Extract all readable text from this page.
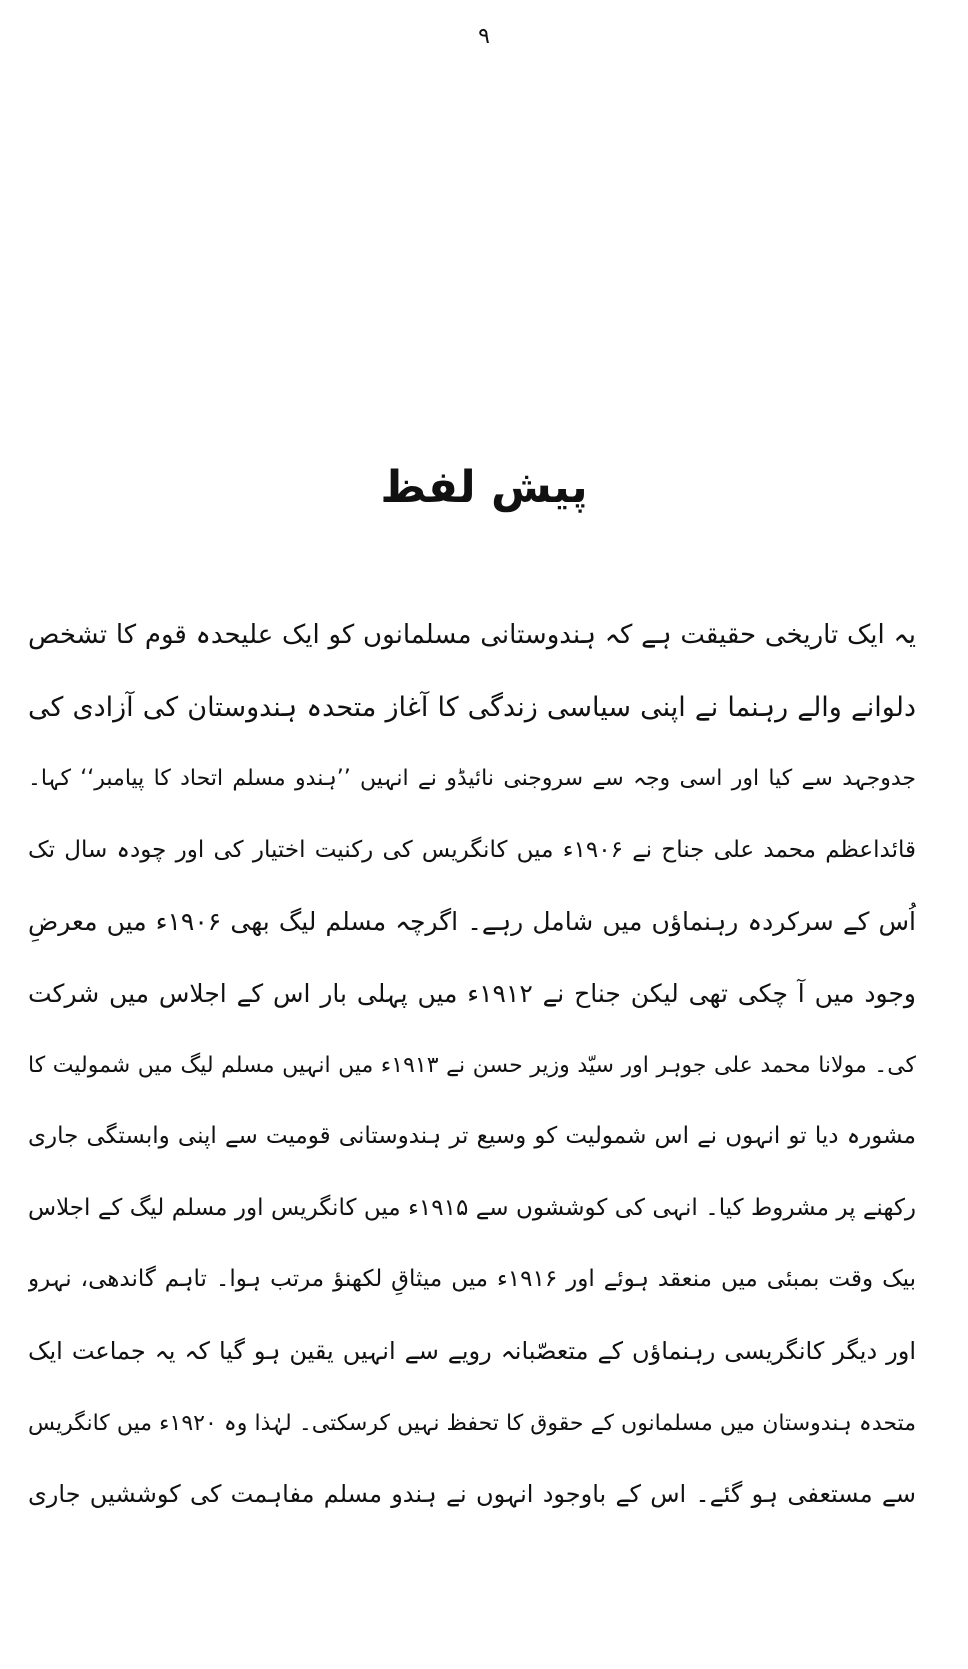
۹
پیش لفظ
یہ ایک تاریخی حقیقت ہے کہ ہندوستانی مسلمانوں کو ایک علیحدہ قوم کا تشخص
دلوانے والے رہنما نے اپنی سیاسی زندگی کا آغاز متحدہ ہندوستان کی آزادی کی
جدوجہد سے کیا اور اسی وجہ سے سروجنی نائیڈو نے انہیں ’’ہندو مسلم اتحاد کا پیامبر‘‘ کہا۔
قائداعظم محمد علی جناح نے ۱۹۰۶ء میں کانگریس کی رکنیت اختیار کی اور چودہ سال تک
اُس کے سرکردہ رہنماؤں میں شامل رہے۔ اگرچہ مسلم لیگ بھی ۱۹۰۶ء میں معرضِ
وجود میں آ چکی تھی لیکن جناح نے ۱۹۱۲ء میں پہلی بار اس کے اجلاس میں شرکت
کی۔ مولانا محمد علی جوہر اور سیّد وزیر حسن نے ۱۹۱۳ء میں انہیں مسلم لیگ میں شمولیت کا
مشورہ دیا تو انہوں نے اس شمولیت کو وسیع تر ہندوستانی قومیت سے اپنی وابستگی جاری
رکھنے پر مشروط کیا۔ انہی کی کوششوں سے ۱۹۱۵ء میں کانگریس اور مسلم لیگ کے اجلاس
بیک وقت بمبئی میں منعقد ہوئے اور ۱۹۱۶ء میں میثاقِ لکھنؤ مرتب ہوا۔ تاہم گاندھی، نہرو
اور دیگر کانگریسی رہنماؤں کے متعصّبانہ رویے سے انہیں یقین ہو گیا کہ یہ جماعت ایک
متحدہ ہندوستان میں مسلمانوں کے حقوق کا تحفظ نہیں کرسکتی۔ لہٰذا وہ ۱۹۲۰ء میں کانگریس
سے مستعفی ہو گئے۔ اس کے باوجود انہوں نے ہندو مسلم مفاہمت کی کوششیں جاری
